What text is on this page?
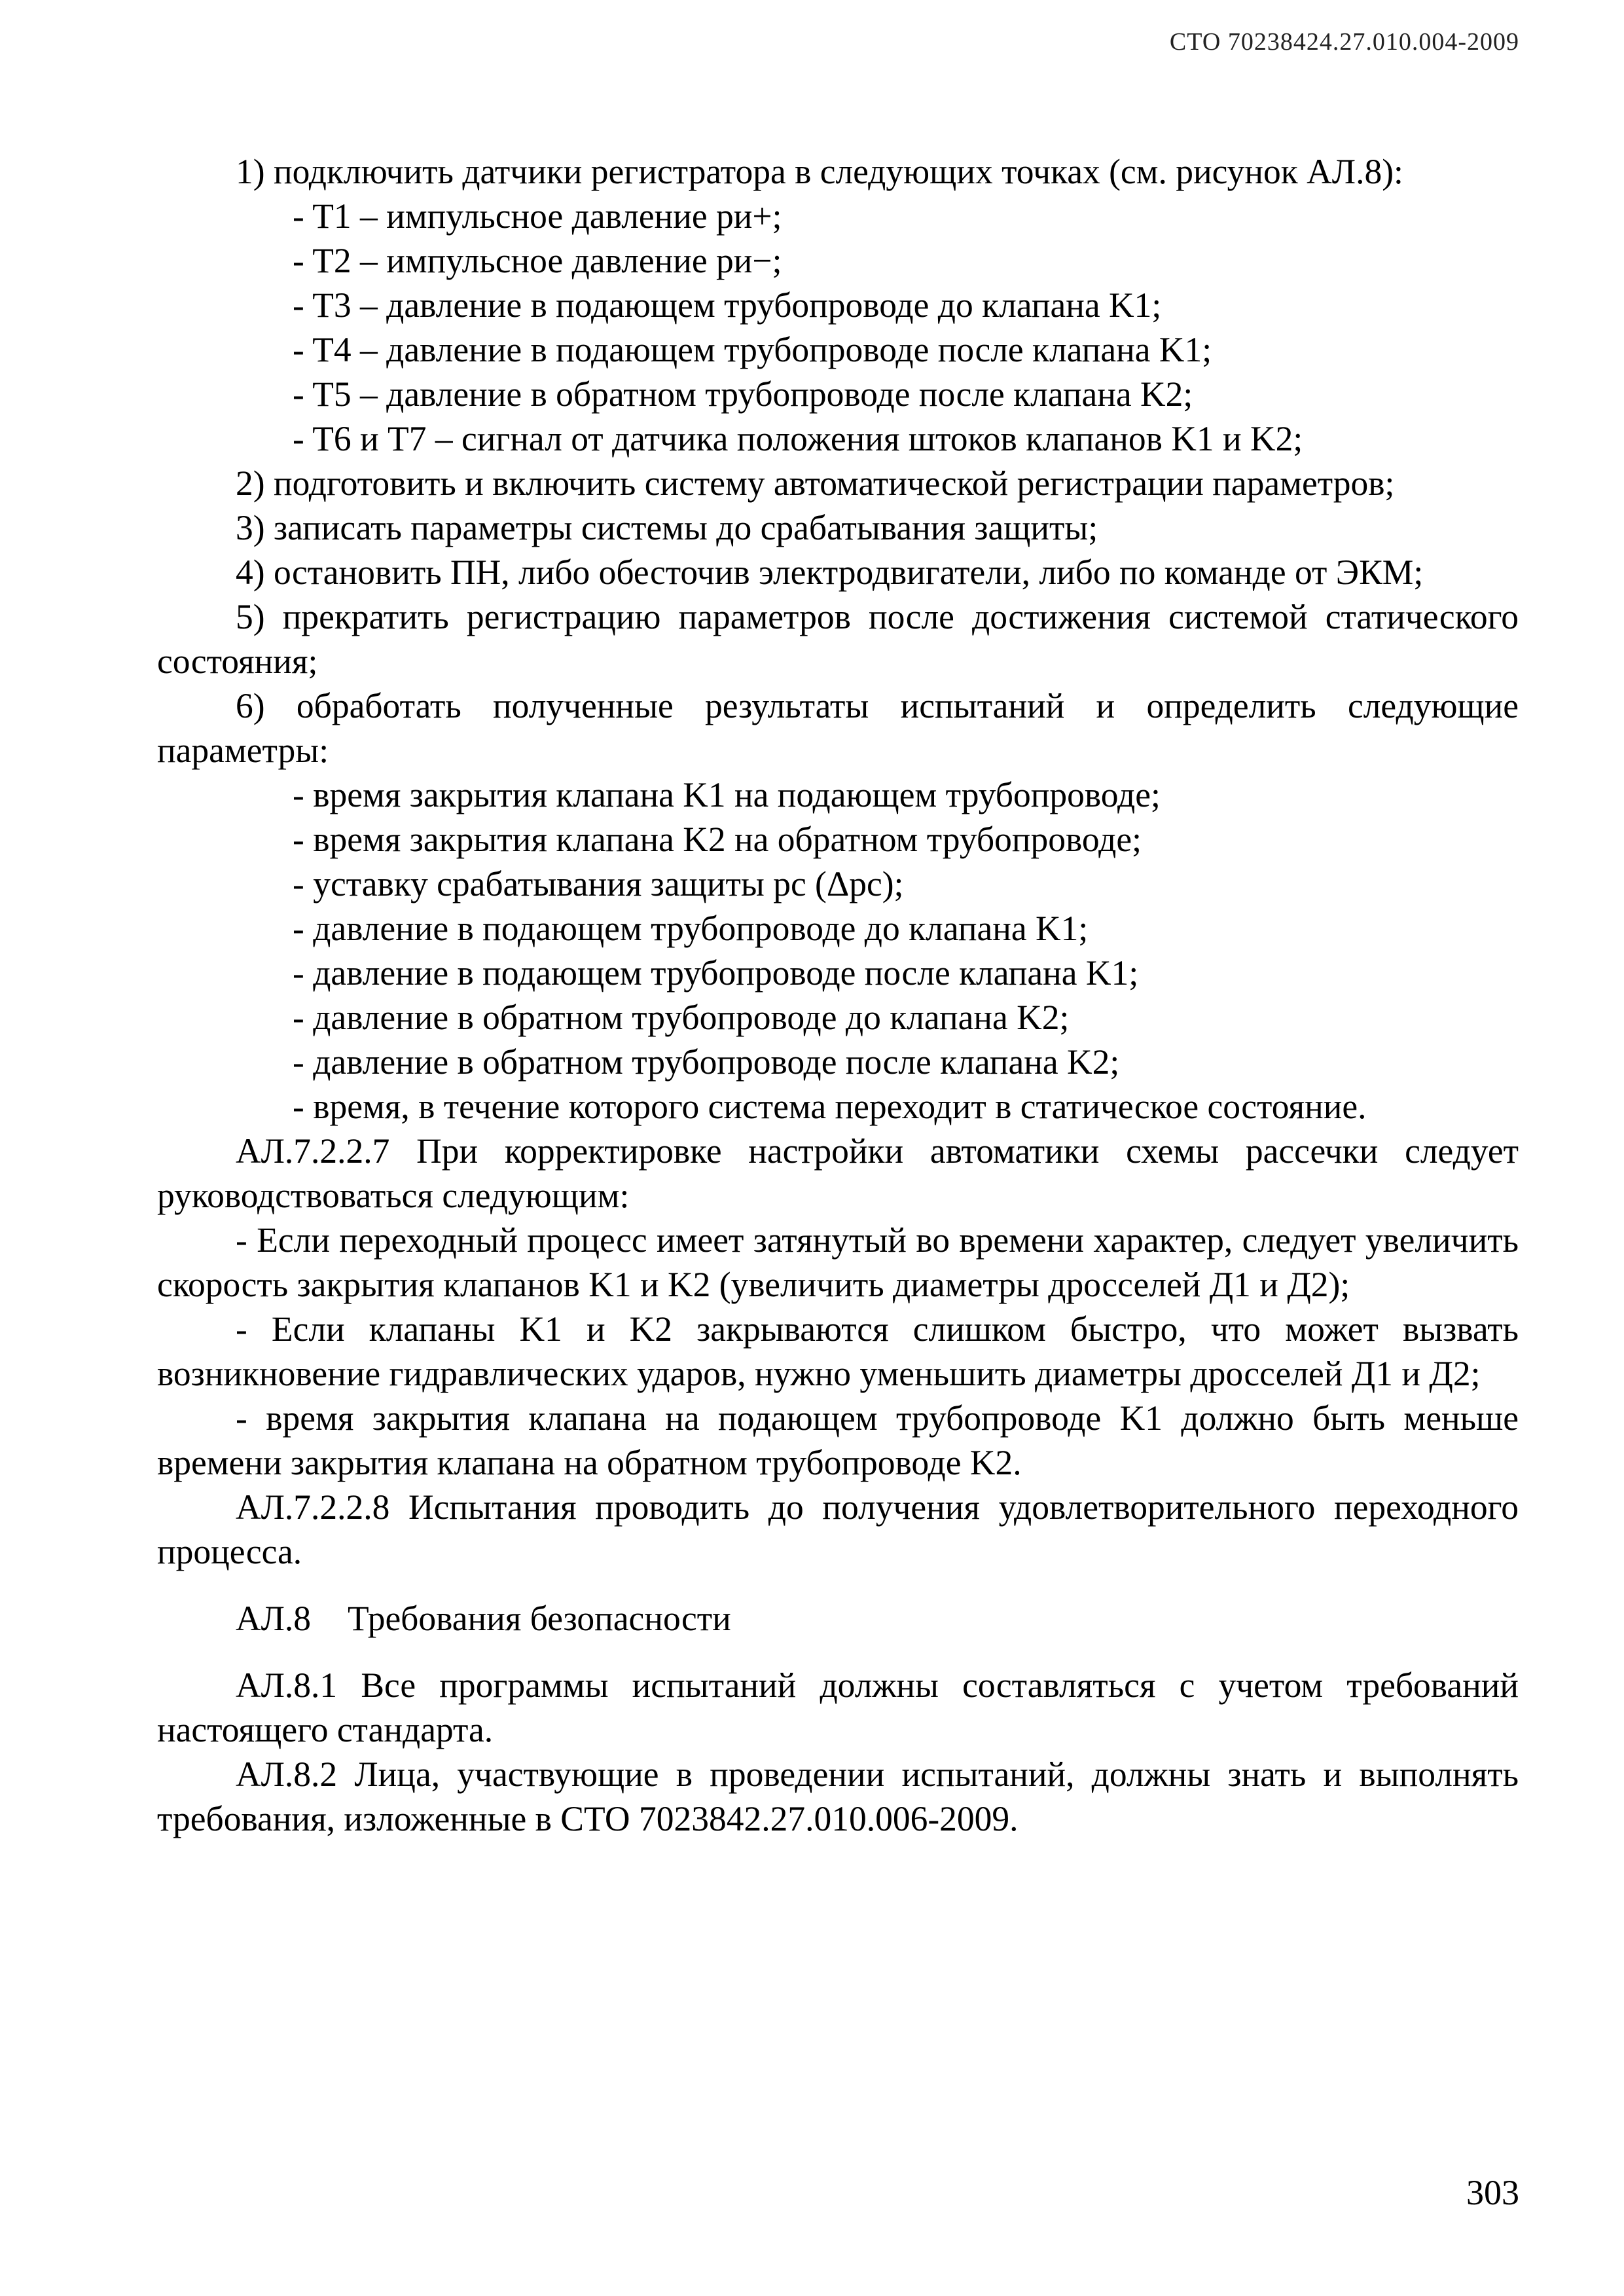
СТО 70238424.27.010.004-2009

1) подключить датчики регистратора в следующих точках (см. рисунок АЛ.8):

- T1 – импульсное давление pи+;

- T2 – импульсное давление pи−;

- T3 – давление в подающем трубопроводе до клапана K1;

- T4 – давление в подающем трубопроводе после клапана K1;

- T5 – давление в обратном трубопроводе после клапана K2;

- T6 и T7 – сигнал от датчика положения штоков клапанов K1 и K2;

2) подготовить и включить систему автоматической регистрации параметров;

3) записать параметры системы до срабатывания защиты;

4) остановить ПН, либо обесточив электродвигатели, либо по команде от ЭКМ;

5) прекратить регистрацию параметров после достижения системой статического состояния;

6) обработать полученные результаты испытаний и определить следующие параметры:

- время закрытия клапана K1 на подающем трубопроводе;

- время закрытия клапана K2 на обратном трубопроводе;

- уставку срабатывания защиты pс (Δpс);

- давление в подающем трубопроводе до клапана K1;

- давление в подающем трубопроводе после клапана K1;

- давление в обратном трубопроводе до клапана K2;

- давление в обратном трубопроводе после клапана K2;

- время, в течение которого система переходит в статическое состояние.

АЛ.7.2.2.7 При корректировке настройки автоматики схемы рассечки следует руководствоваться следующим:

- Если переходный процесс имеет затянутый во времени характер, следует увеличить скорость закрытия клапанов K1 и K2 (увеличить диаметры дросселей Д1 и Д2);

- Если клапаны K1 и K2 закрываются слишком быстро, что может вызвать возникновение гидравлических ударов, нужно уменьшить диаметры дросселей Д1 и Д2;

- время закрытия клапана на подающем трубопроводе K1 должно быть меньше времени закрытия клапана на обратном трубопроводе K2.

АЛ.7.2.2.8 Испытания проводить до получения удовлетворительного переходного процесса.

АЛ.8 Требования безопасности

АЛ.8.1 Все программы испытаний должны составляться с учетом требований настоящего стандарта.

АЛ.8.2 Лица, участвующие в проведении испытаний, должны знать и выполнять требования, изложенные в СТО 7023842.27.010.006-2009.

303
